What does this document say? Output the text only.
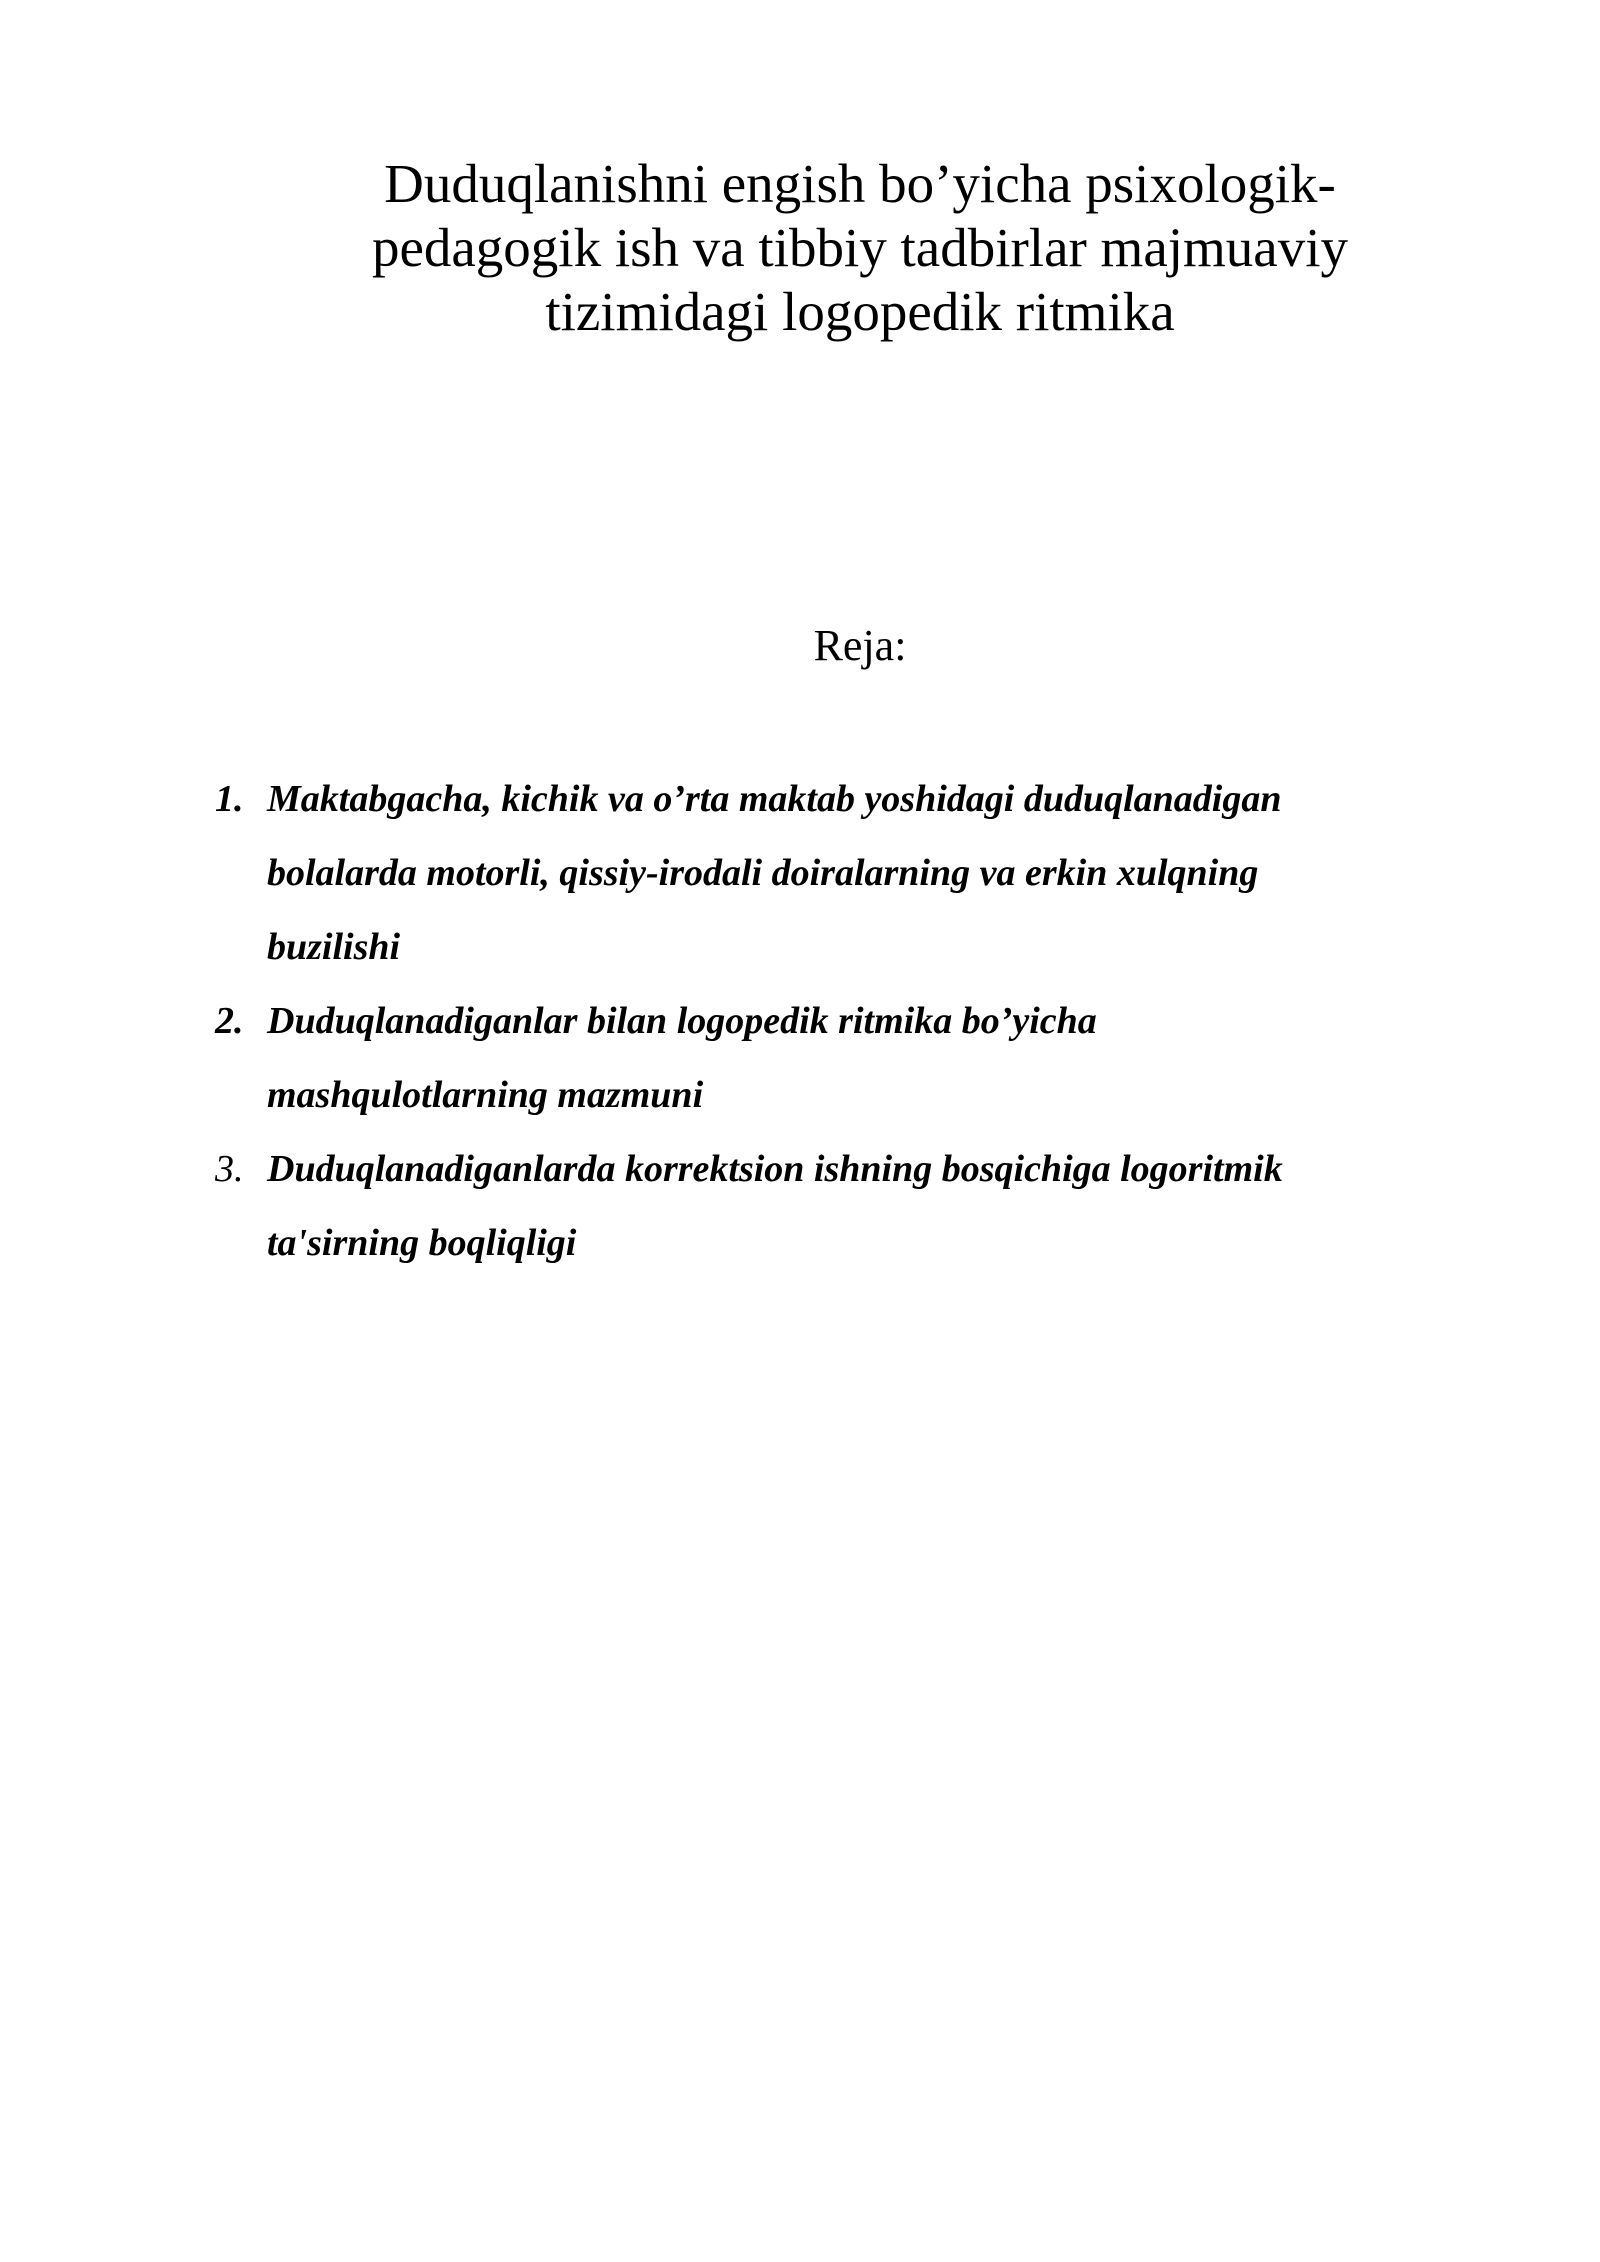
Duduqlanishni engish bo’yicha psixologik-
pedagogik ish va tibbiy tadbirlar majmuaviy
tizimidagi logopedik ritmika
Reja:
1. Maktabgacha, kichik va o’rta maktab yoshidagi duduqlanadigan
bolalarda motorli, qissiy-irodali doiralarning va erkin xulqning
buzilishi
2. Duduqlanadiganlar bilan logopedik ritmika bo’yicha
mashqulotlarning mazmuni
3. Duduqlanadiganlarda korrektsion ishning bosqichiga logoritmik
ta'sirning boqliqligi
